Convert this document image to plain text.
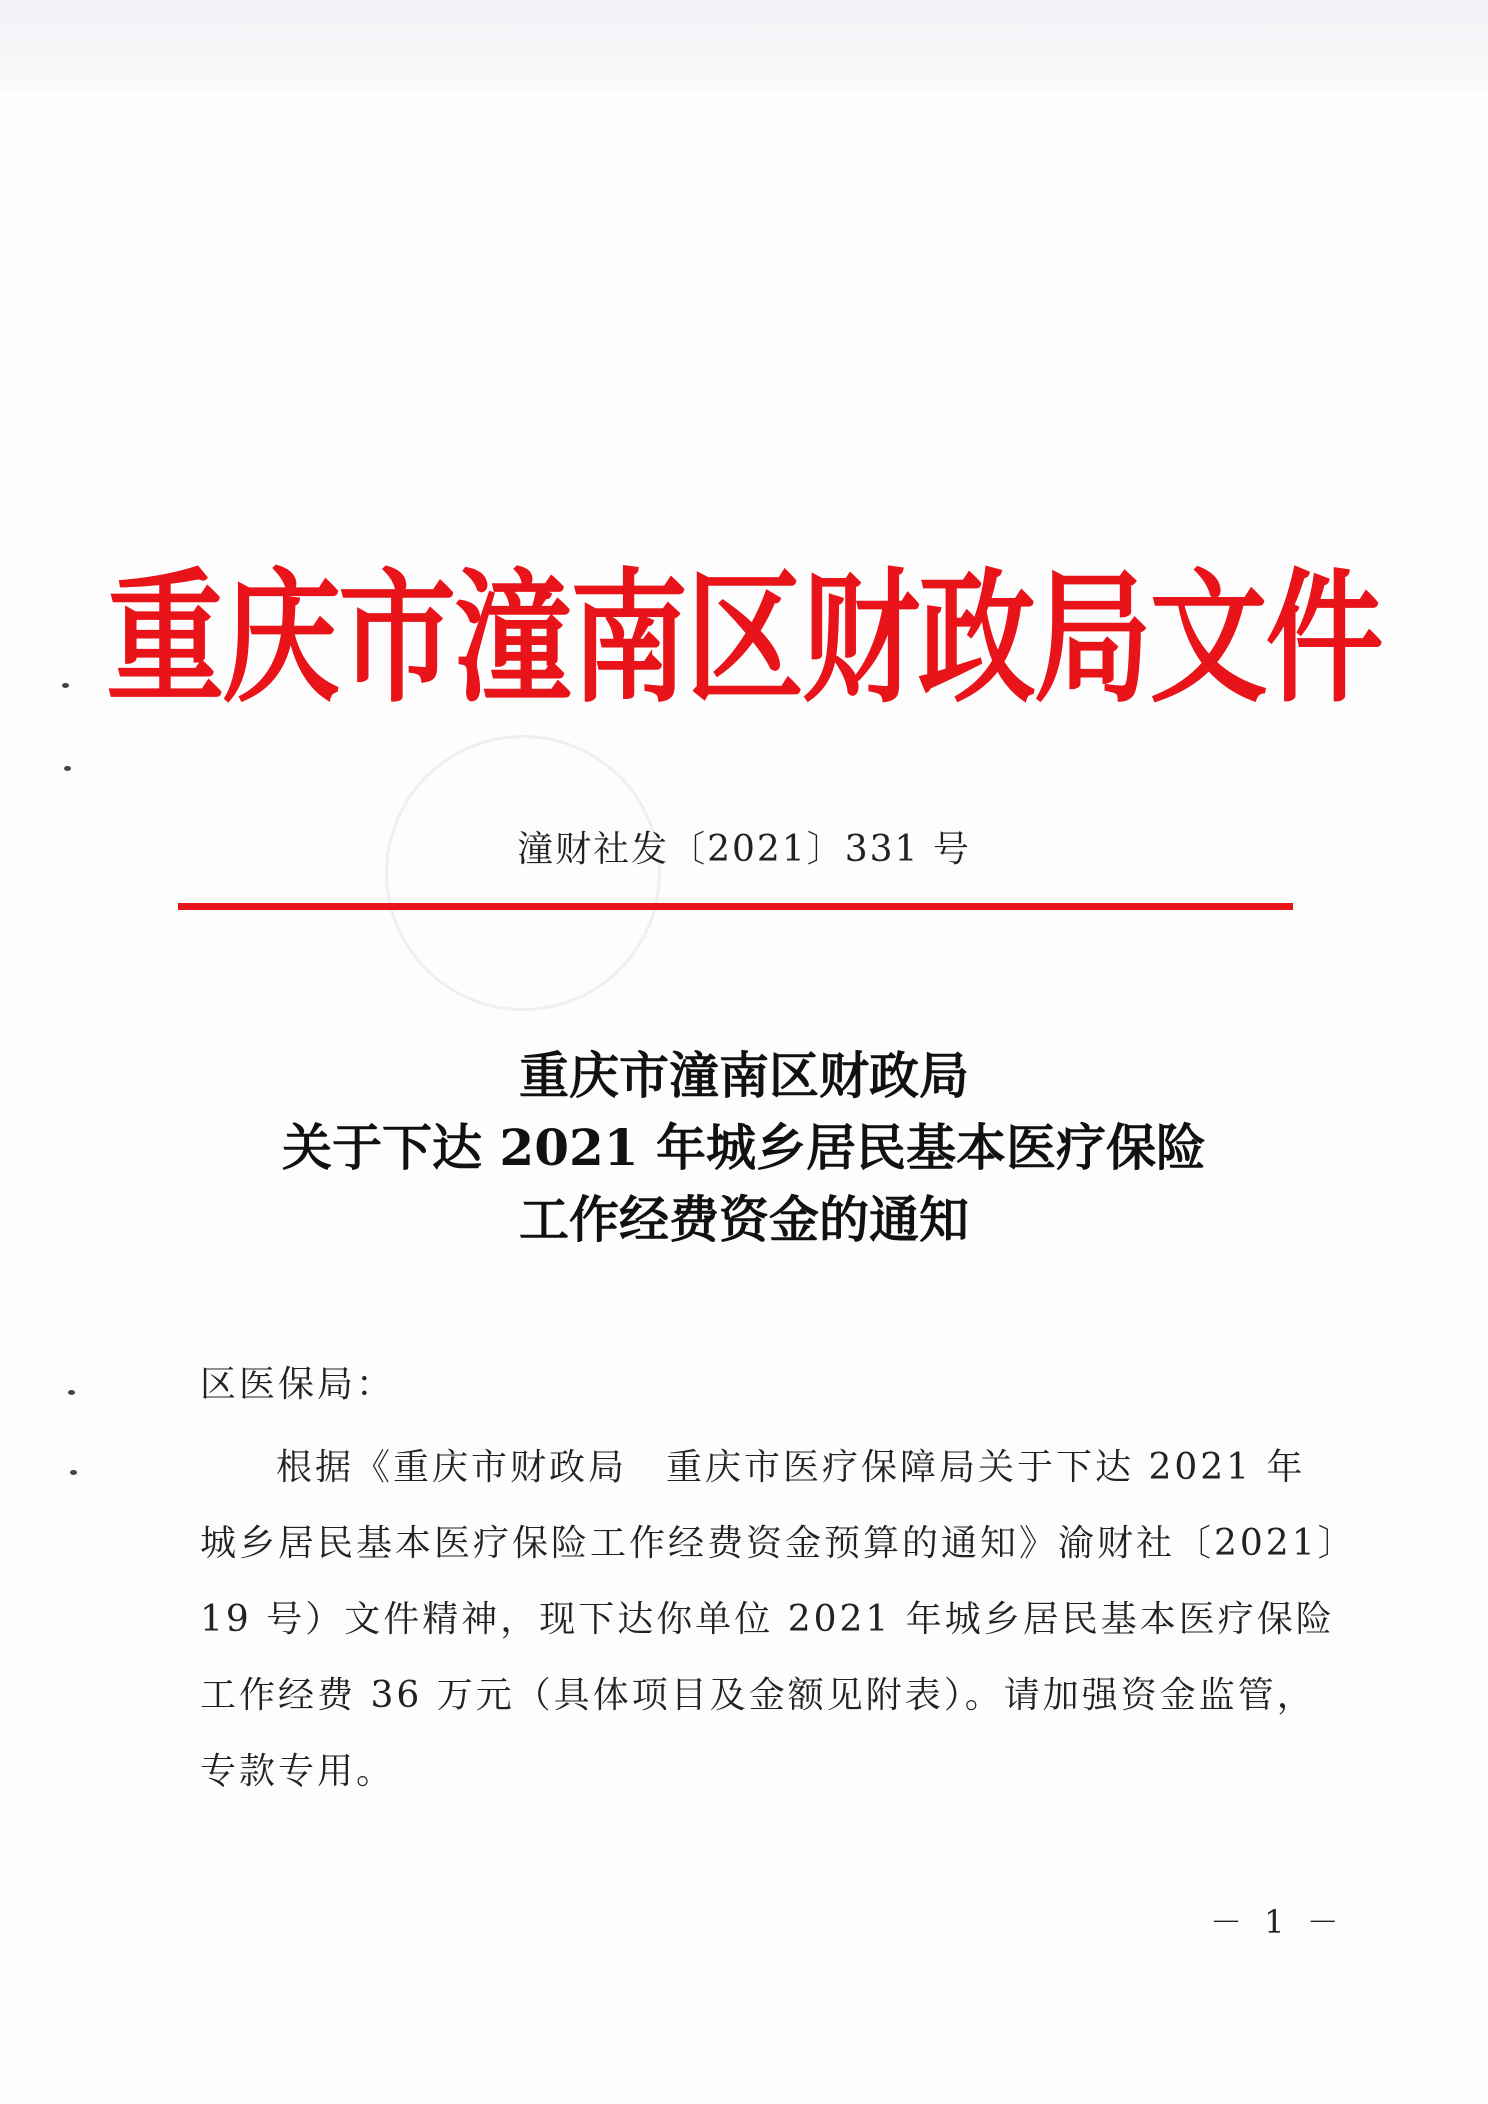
重庆市潼南区财政局文件
潼财社发〔2021〕331 号
重庆市潼南区财政局
关于下达 2021 年城乡居民基本医疗保险
工作经费资金的通知
区医保局：
根据《重庆市财政局　重庆市医疗保障局关于下达 2021 年
城乡居民基本医疗保险工作经费资金预算的通知》渝财社〔2021〕
19 号）文件精神，现下达你单位 2021 年城乡居民基本医疗保险
工作经费 36 万元（具体项目及金额见附表）。请加强资金监管，
专款专用。
－ 1 －
